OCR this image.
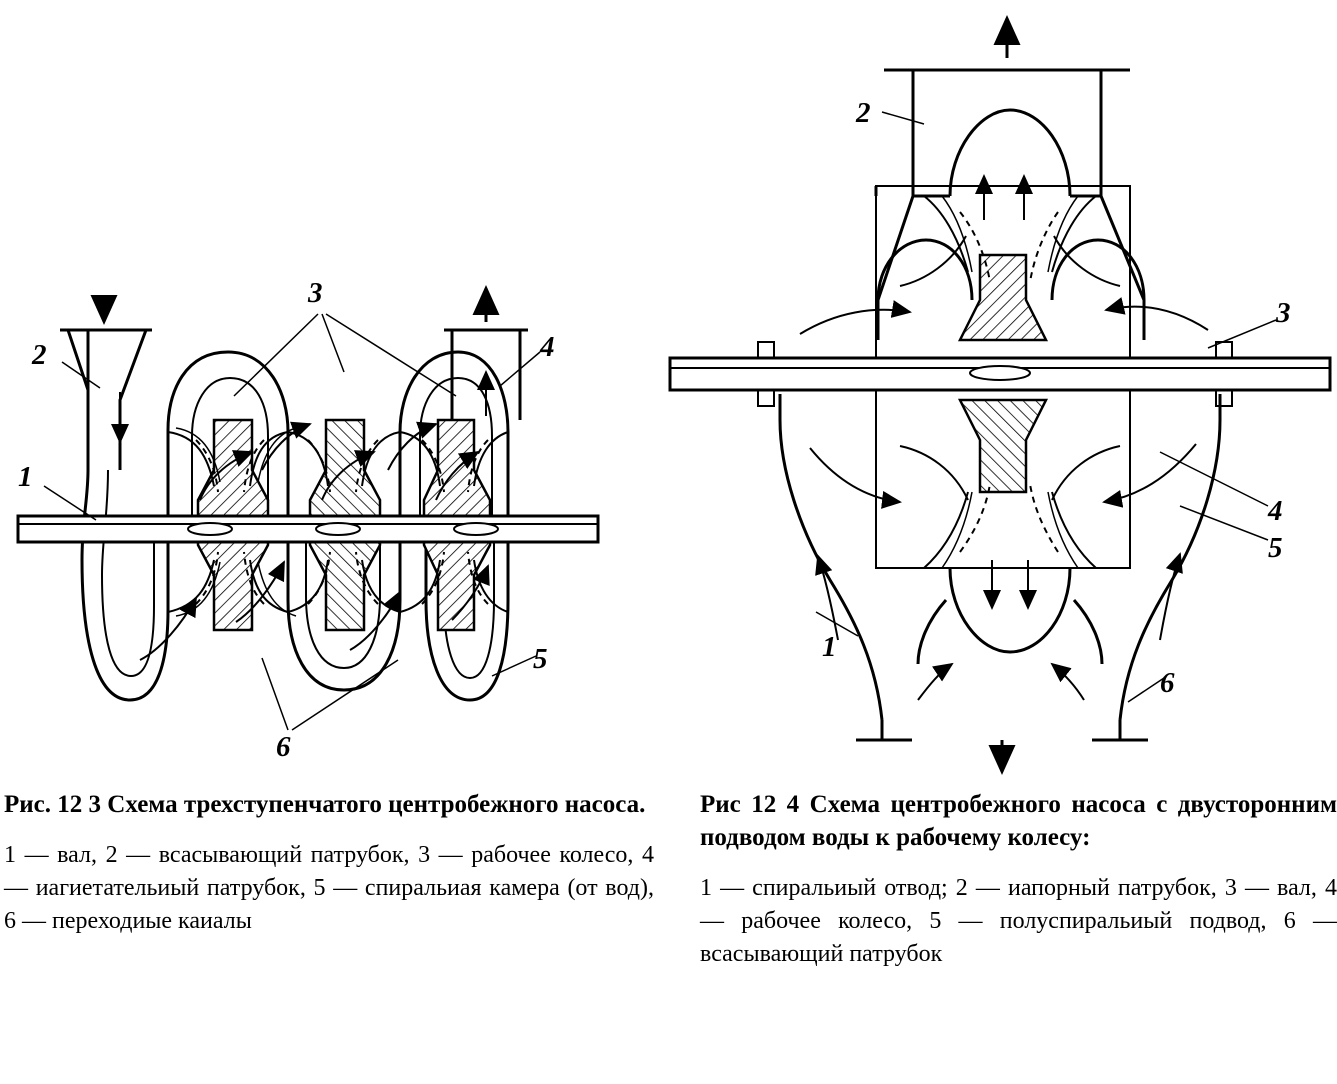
1
2
3
4
5
6
2
3
4
5
1
6

Рис. 12 3 Схема трехступенчатого центробежного насоса.

1 — вал, 2 — всасывающий патрубок, 3 — рабочее колесо, 4 — иагиетательиый патрубок, 5 — спиральиая камера (от вод), 6 — переходиые каиалы

Рис 12 4 Схема центробежного насоса с двусторонним подводом воды к рабочему колесу:

1 — спиральиый отвод; 2 — иапорный патрубок, 3 — вал, 4 — рабочее колесо, 5 — полуспиральиый подвод, 6 — всасывающий патрубок
